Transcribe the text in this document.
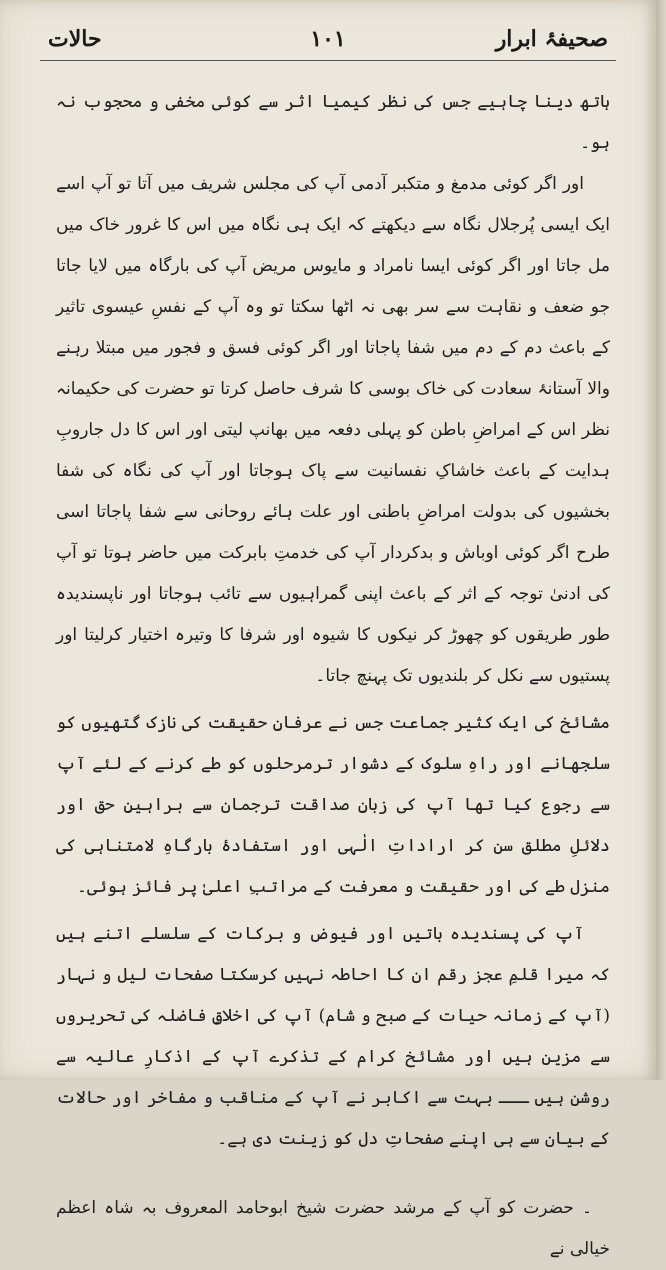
صحیفۂ ابرار
۱۰۱
حالات

ہاتھ دینا چاہیے جس کی نظر کیمیا اثر سے کوئی مخفی و محجوب نہ ہو۔

اور اگر کوئی مدمغ و متکبر آدمی آپ کی مجلس شریف میں آتا تو آپ اسے ایک ایسی پُرجلال نگاہ سے دیکھتے کہ ایک ہی نگاہ میں اس کا غرور خاک میں مل جاتا اور اگر کوئی ایسا نامراد و مایوس مریض آپ کی بارگاہ میں لایا جاتا جو ضعف و نقاہت سے سر بھی نہ اٹھا سکتا تو وہ آپ کے نفسِ عیسوی تاثیر کے باعث دم کے دم میں شفا پاجاتا اور اگر کوئی فسق و فجور میں مبتلا رہنے والا آستانۂ سعادت کی خاک بوسی کا شرف حاصل کرتا تو حضرت کی حکیمانہ نظر اس کے امراضِ باطن کو پہلی دفعہ میں بھانپ لیتی اور اس کا دل جاروبِ ہدایت کے باعث خاشاکِ نفسانیت سے پاک ہوجاتا اور آپ کی نگاہ کی شفا بخشیوں کی بدولت امراضِ باطنی اور علت ہائے روحانی سے شفا پاجاتا اسی طرح اگر کوئی اوباش و بدکردار آپ کی خدمتِ بابرکت میں حاضر ہوتا تو آپ کی ادنیٰ توجہ کے اثر کے باعث اپنی گمراہیوں سے تائب ہوجاتا اور ناپسندیدہ طور طریقوں کو چھوڑ کر نیکوں کا شیوہ اور شرفا کا وتیرہ اختیار کرلیتا اور پستیوں سے نکل کر بلندیوں تک پہنچ جاتا۔

مشائخ کی ایک کثیر جماعت جس نے عرفانِ حقیقت کی نازک گتھیوں کو سلجھانے اور راہِ سلوک کے دشوار ترمرحلوں کو طے کرنے کے لئے آپ سے رجوع کیا تھا آپ کی زبانِ صداقت ترجمان سے براہینِ حق اور دلائلِ مطلق سن کر اراداتِ الٰہی اور استفادۂ بارگاہِ لامتناہی کی منزل طے کی اور حقیقت و معرفت کے مراتبِ اعلیٰ پر فائز ہوئی۔

آپ کی پسندیدہ باتیں اور فیوض و برکات کے سلسلے اتنے ہیں کہ میرا قلمِ عجز رقم ان کا احاطہ نہیں کرسکتا صفحات لیل و نہار (آپ کے زمانہ حیات کے صبح و شام) آپ کی اخلاقِ فاضلہ کی تحریروں سے مزین ہیں اور مشائخ کرام کے تذکرے آپ کے اذکارِ عالیہ سے روشن ہیں ـــ بہت سے اکابر نے آپ کے مناقب و مفاخر اور حالات کے بیان سے ہی اپنے صفحاتِ دل کو زینت دی ہے۔

۔ حضرت کو آپ کے مرشد حضرت شیخ ابوحامد المعروف بہ شاہ اعظم خیالی نے
